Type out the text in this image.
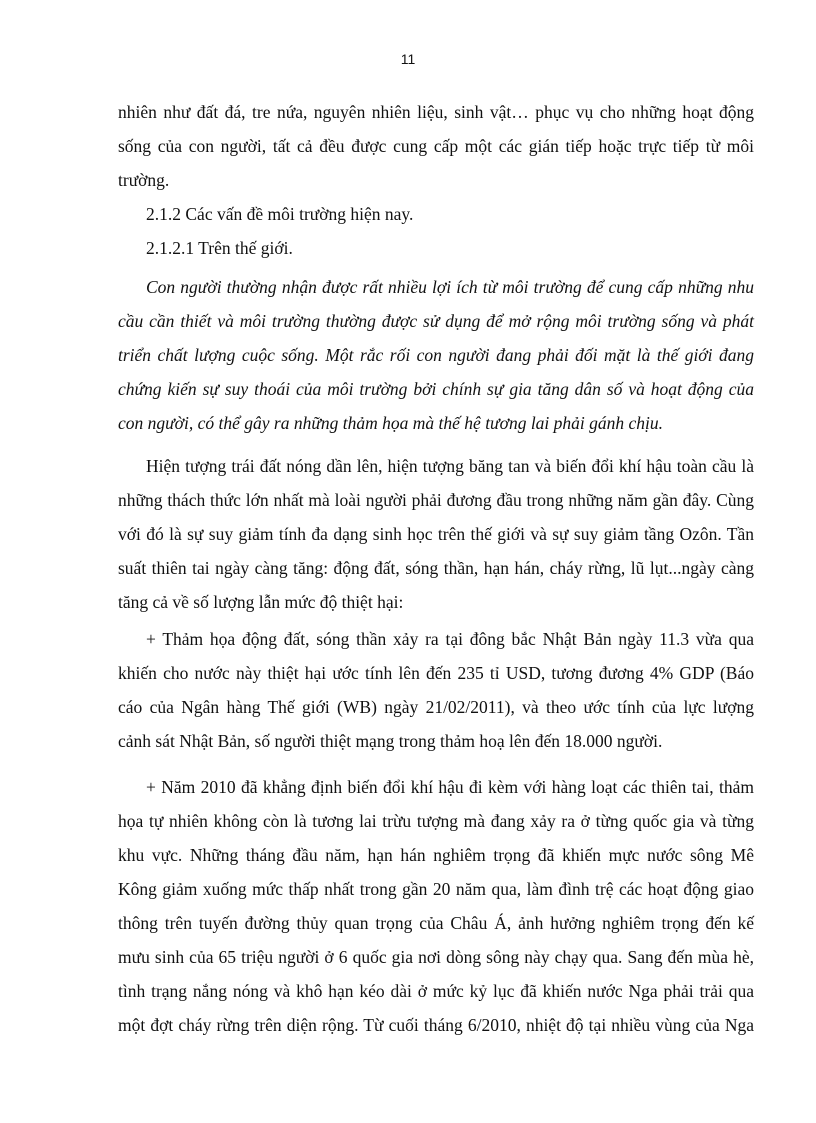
11
nhiên như đất đá, tre nứa, nguyên nhiên liệu, sinh vật… phục vụ cho những hoạt động
sống của con người, tất cả đều được cung cấp một các gián tiếp hoặc trực tiếp từ môi
trường.
2.1.2 Các vấn đề môi trường hiện nay.
2.1.2.1 Trên thế giới.
Con người thường nhận được rất nhiều lợi ích từ môi trường để cung cấp những nhu
cầu cần thiết và môi trường thường được sử dụng để mở rộng môi trường sống và phát
triển chất lượng cuộc sống. Một rắc rối con người đang phải đối mặt là thế giới đang
chứng kiến sự suy thoái của môi trường bởi chính sự gia tăng dân số và hoạt động của
con người, có thể gây ra những thảm họa mà thế hệ tương lai phải gánh chịu.
Hiện tượng trái đất nóng dần lên, hiện tượng băng tan và biến đổi khí hậu toàn cầu là
những thách thức lớn nhất mà loài người phải đương đầu trong những năm gần đây. Cùng
với đó là sự suy giảm tính đa dạng sinh học trên thế giới và sự suy giảm tầng Ozôn. Tần
suất thiên tai ngày càng tăng: động đất, sóng thần, hạn hán, cháy rừng, lũ lụt...ngày càng
tăng cả về số lượng lẫn mức độ thiệt hại:
+ Thảm họa động đất, sóng thần xảy ra tại đông bắc Nhật Bản ngày 11.3 vừa qua
khiến cho nước này thiệt hại ước tính lên đến 235 tỉ USD, tương đương 4% GDP (Báo
cáo của Ngân hàng Thế giới (WB) ngày 21/02/2011), và theo ước tính của lực lượng
cảnh sát Nhật Bản, số người thiệt mạng trong thảm hoạ lên đến 18.000 người.
+ Năm 2010 đã khẳng định biến đổi khí hậu đi kèm với hàng loạt các thiên tai, thảm
họa tự nhiên không còn là tương lai trừu tượng mà đang xảy ra ở từng quốc gia và từng
khu vực. Những tháng đầu năm, hạn hán nghiêm trọng đã khiến mực nước sông Mê
Kông giảm xuống mức thấp nhất trong gần 20 năm qua, làm đình trệ các hoạt động giao
thông trên tuyến đường thủy quan trọng của Châu Á, ảnh hưởng nghiêm trọng đến kế
mưu sinh của 65 triệu người ở 6 quốc gia nơi dòng sông này chạy qua. Sang đến mùa hè,
tình trạng nắng nóng và khô hạn kéo dài ở mức kỷ lục đã khiến nước Nga phải trải qua
một đợt cháy rừng trên diện rộng. Từ cuối tháng 6/2010, nhiệt độ tại nhiều vùng của Nga
